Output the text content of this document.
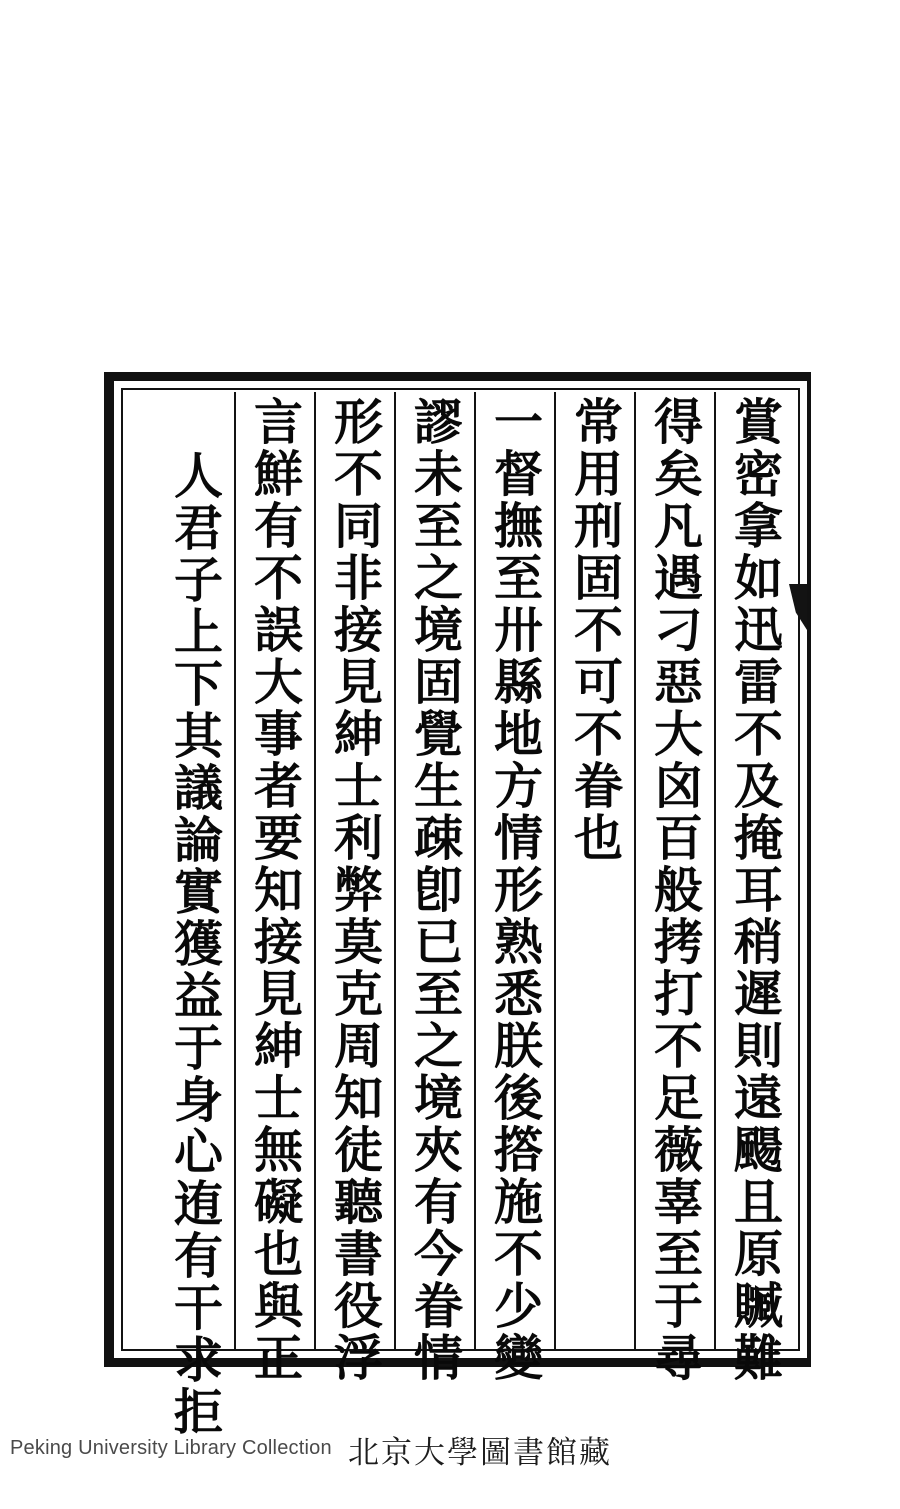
賞密拿如迅雷不及掩耳稍遲則遠颺且原贓難
得矣凡遇刁惡大囟百般拷打不足薇辜至于尋
常用刑固不可不眷也
一督撫至卅縣地方情形熟悉朕後撘施不少變
謬未至之境固覺生疎卽已至之境夾有今眷情
形不同非接見紳士利弊莫克周知徒聽書役浮
言鮮有不誤大事者要知接見紳士無礙也與正
人君子上下其議論實獲益于身心迶有干求拒
Peking University Library Collection 北京大學圖書館藏
